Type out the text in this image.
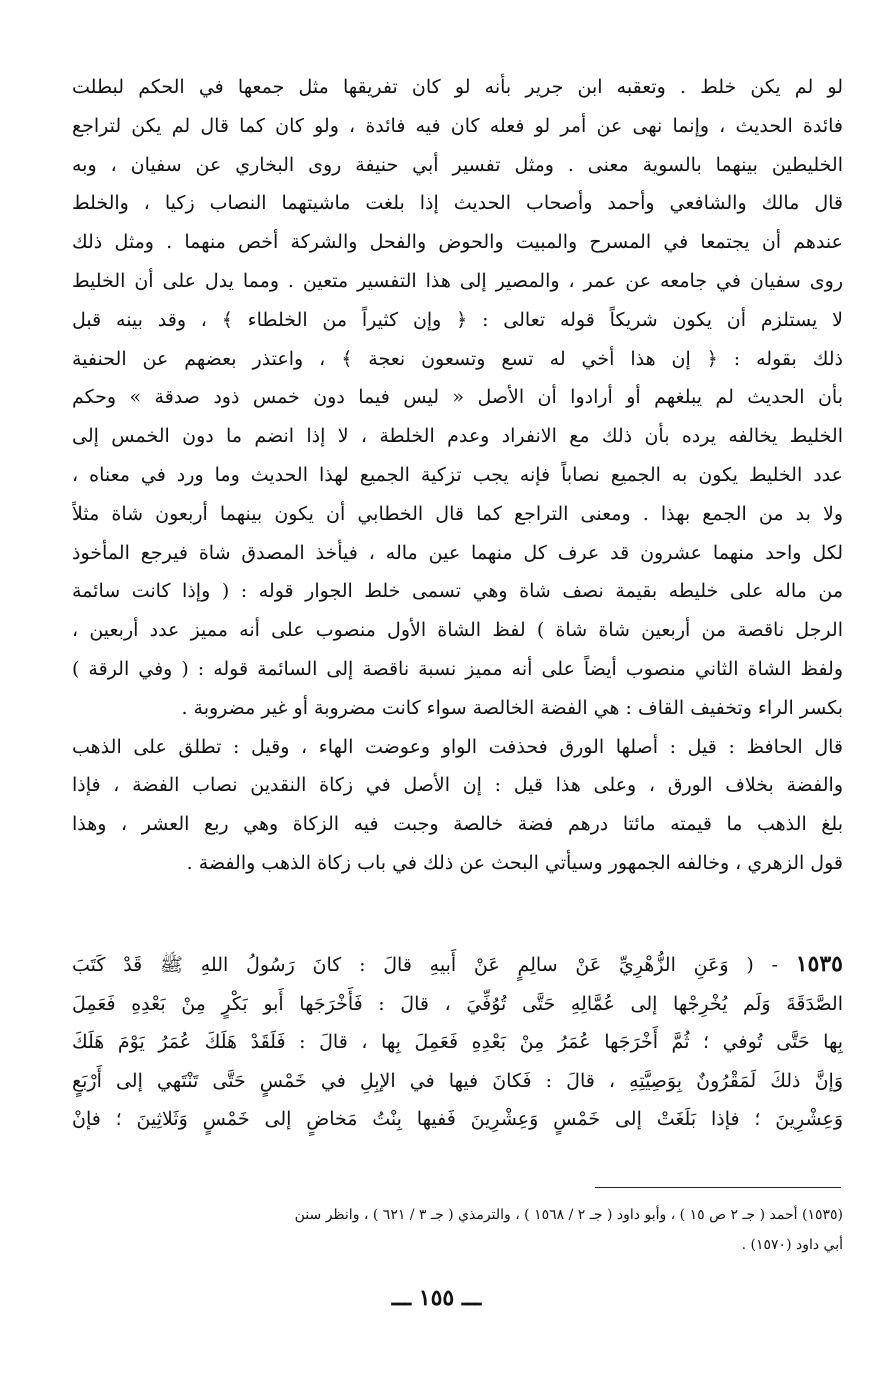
لو لم يكن خلط . وتعقبه ابن جرير بأنه لو كان تفريقها مثل جمعها في الحكم لبطلت
فائدة الحديث ، وإنما نهى عن أمر لو فعله كان فيه فائدة ، ولو كان كما قال لم يكن لتراجع
الخليطين بينهما بالسوية معنى . ومثل تفسير أبي حنيفة روى البخاري عن سفيان ، وبه
قال مالك والشافعي وأحمد وأصحاب الحديث إذا بلغت ماشيتهما النصاب زكيا ، والخلط
عندهم أن يجتمعا في المسرح والمبيت والحوض والفحل والشركة أخص منهما . ومثل ذلك
روى سفيان في جامعه عن عمر ، والمصير إلى هذا التفسير متعين . ومما يدل على أن الخليط
لا يستلزم أن يكون شريكاً قوله تعالى : ﴿ وإن كثيراً من الخلطاء ﴾ ، وقد بينه قبل
ذلك بقوله : ﴿ إن هذا أخي له تسع وتسعون نعجة ﴾ ، واعتذر بعضهم عن الحنفية
بأن الحديث لم يبلغهم أو أرادوا أن الأصل « ليس فيما دون خمس ذود صدقة » وحكم
الخليط يخالفه يرده بأن ذلك مع الانفراد وعدم الخلطة ، لا إذا انضم ما دون الخمس إلى
عدد الخليط يكون به الجميع نصاباً فإنه يجب تزكية الجميع لهذا الحديث وما ورد في معناه ،
ولا بد من الجمع بهذا . ومعنى التراجع كما قال الخطابي أن يكون بينهما أربعون شاة مثلاً
لكل واحد منهما عشرون قد عرف كل منهما عين ماله ، فيأخذ المصدق شاة فيرجع المأخوذ
من ماله على خليطه بقيمة نصف شاة وهي تسمى خلط الجوار قوله : ( وإذا كانت سائمة
الرجل ناقصة من أربعين شاة شاة ) لفظ الشاة الأول منصوب على أنه مميز عدد أربعين ،
ولفظ الشاة الثاني منصوب أيضاً على أنه مميز نسبة ناقصة إلى السائمة قوله : ( وفي الرقة )
بكسر الراء وتخفيف القاف : هي الفضة الخالصة سواء كانت مضروبة أو غير مضروبة .
قال الحافظ : قيل : أصلها الورق فحذفت الواو وعوضت الهاء ، وقيل : تطلق على الذهب
والفضة بخلاف الورق ، وعلى هذا قيل : إن الأصل في زكاة النقدين نصاب الفضة ، فإذا
بلغ الذهب ما قيمته مائتا درهم فضة خالصة وجبت فيه الزكاة وهي ربع العشر ، وهذا
قول الزهري ، وخالفه الجمهور وسيأتي البحث عن ذلك في باب زكاة الذهب والفضة .
١٥٣٥ - ( وَعَنِ الزُّهْرِيِّ عَنْ سالِمٍ عَنْ أَبيهِ قالَ : كانَ رَسُولُ اللهِ ﷺ قَدْ كَتَبَ
الصَّدَقَةَ وَلَم يُخْرِجْها إلى عُمَّالِهِ حَتَّى تُوُفِّيَ ، قالَ : فَأَخْرَجَها أَبو بَكْرٍ مِنْ بَعْدِهِ فَعَمِلَ
بِها حَتَّى تُوفي ؛ ثُمَّ أَخْرَجَها عُمَرُ مِنْ بَعْدِهِ فَعَمِلَ بِها ، قالَ : فَلَقَدْ هَلَكَ عُمَرُ يَوْمَ هَلَكَ
وَإنَّ ذلكَ لَمَقْرُونٌ بِوَصِيَّتِهِ ، قالَ : فَكانَ فيها في الإبِلِ في خَمْسٍ حَتَّى تَنْتَهي إلى أَرْبَعٍ
وَعِشْرِينَ ؛ فإذا بَلَغَتْ إلى خَمْسٍ وَعِشْرِينَ فَفيها بِنْتُ مَخاضٍ إلى خَمْسٍ وَثَلاثِينَ ؛ فإنْ
(١٥٣٥) أحمد ( جـ ٢ ص ١٥ ) ، وأبو داود ( جـ ٢ / ١٥٦٨ ) ، والترمذي ( جـ ٣ / ٦٢١ ) ، وانظر سنن
أبي داود (١٥٧٠) .
ـــ ١٥٥ ـــ
